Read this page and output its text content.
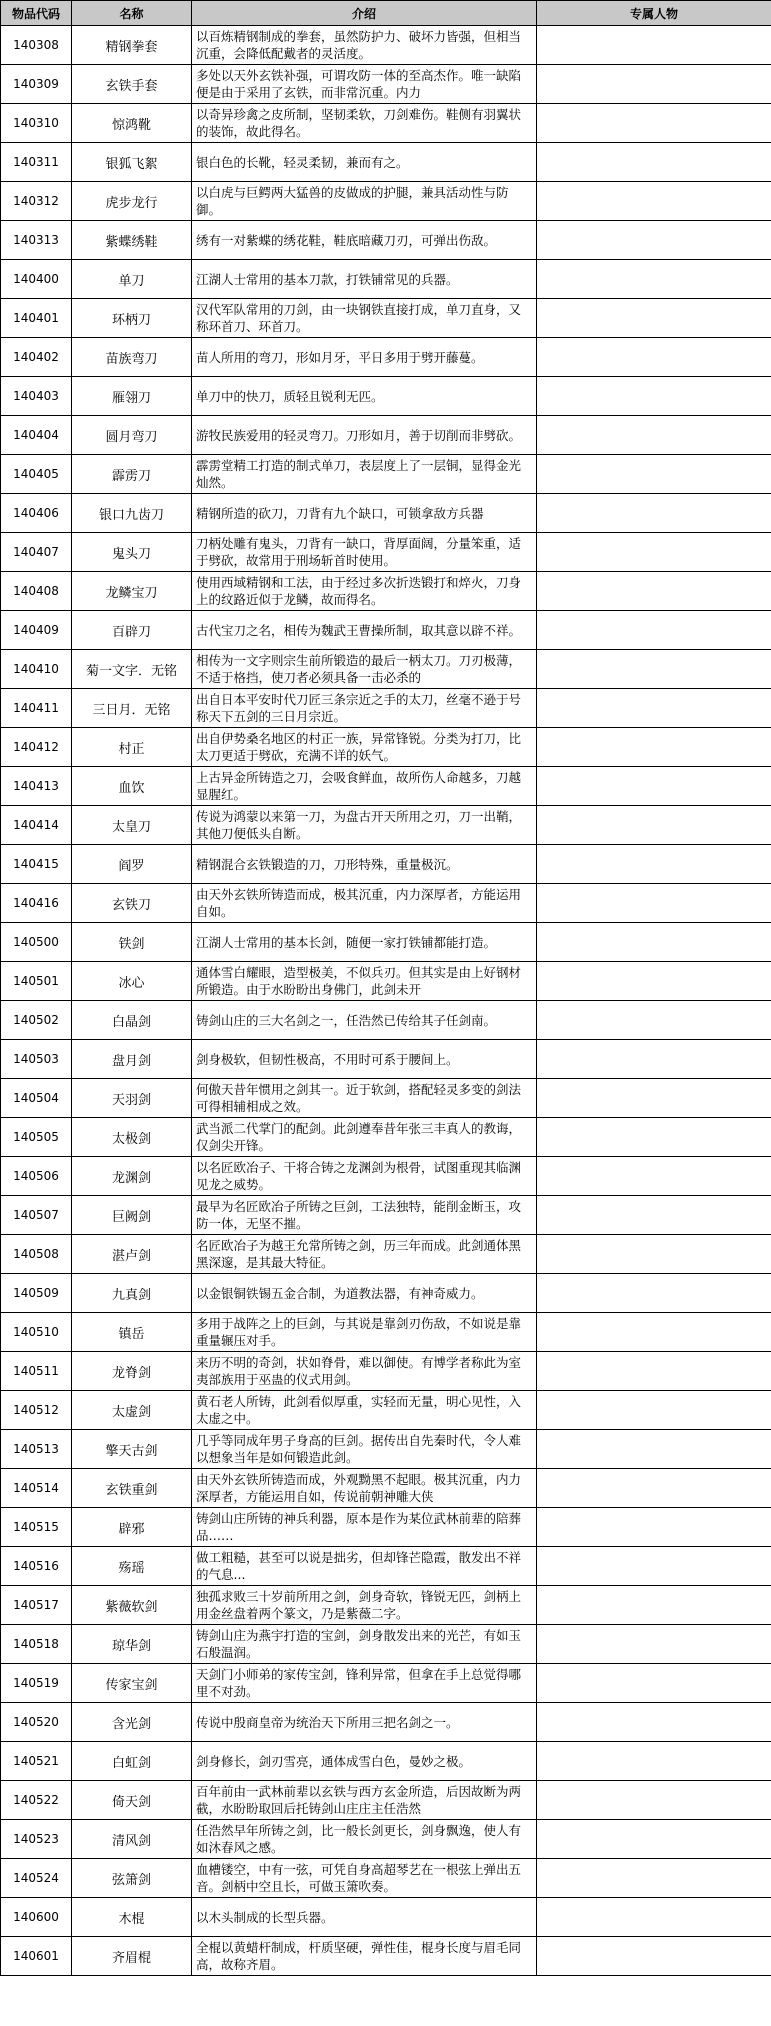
物品代码	名称	介绍	专属人物
140308	精钢拳套	以百炼精钢制成的拳套，虽然防护力、破坏力皆强，但相当沉重，会降低配戴者的灵活度。	

140309	玄铁手套	多处以天外玄铁补强，可谓攻防一体的至高杰作。唯一缺陷便是由于采用了玄铁，而非常沉重。内力	

140310	惊鸿靴	以奇异珍禽之皮所制，坚韧柔软，刀剑难伤。鞋侧有羽翼状的装饰，故此得名。	

140311	银狐飞絮	银白色的长靴，轻灵柔韧，兼而有之。	

140312	虎步龙行	以白虎与巨鳄两大猛兽的皮做成的护腿，兼具活动性与防御。	

140313	紫蝶绣鞋	绣有一对紫蝶的绣花鞋，鞋底暗藏刀刃，可弹出伤敌。	

140400	单刀	江湖人士常用的基本刀款，打铁铺常见的兵器。	

140401	环柄刀	汉代军队常用的刀剑，由一块钢铁直接打成，单刀直身，又称环首刀、环首刀。	

140402	苗族弯刀	苗人所用的弯刀，形如月牙，平日多用于劈开藤蔓。	

140403	雁翎刀	单刀中的快刀，质轻且锐利无匹。	

140404	圆月弯刀	游牧民族爱用的轻灵弯刀。刀形如月，善于切削而非劈砍。	

140405	霹雳刀	霹雳堂精工打造的制式单刀，表层度上了一层铜，显得金光灿然。	

140406	银口九齿刀	精钢所造的砍刀，刀背有九个缺口，可锁拿敌方兵器	

140407	鬼头刀	刀柄处雕有鬼头，刀背有一缺口，背厚面阔，分量笨重，适于劈砍，故常用于刑场斩首时使用。	

140408	龙鳞宝刀	使用西域精钢和工法，由于经过多次折迭锻打和焠火，刀身上的纹路近似于龙鳞，故而得名。	

140409	百辟刀	古代宝刀之名，相传为魏武王曹操所制，取其意以辟不祥。	

140410	菊一文字．无铭	相传为一文字则宗生前所锻造的最后一柄太刀。刀刃极薄，不适于格挡，使刀者必须具备一击必杀的	

140411	三日月．无铭	出自日本平安时代刀匠三条宗近之手的太刀，丝毫不逊于号称天下五剑的三日月宗近。	

140412	村正	出自伊势桑名地区的村正一族，异常锋锐。分类为打刀，比太刀更适于劈砍，充满不详的妖气。	

140413	血饮	上古异金所铸造之刀，会吸食鲜血，故所伤人命越多，刀越显腥红。	

140414	太皇刀	传说为鸿蒙以来第一刀，为盘古开天所用之刃，刀一出鞘，其他刀便低头自断。	

140415	阎罗	精钢混合玄铁锻造的刀，刀形特殊，重量极沉。	

140416	玄铁刀	由天外玄铁所铸造而成，极其沉重，内力深厚者，方能运用自如。	

140500	铁剑	江湖人士常用的基本长剑，随便一家打铁铺都能打造。	

140501	冰心	通体雪白耀眼，造型极美，不似兵刃。但其实是由上好钢材所锻造。由于水盼盼出身佛门，此剑未开	

140502	白晶剑	铸剑山庄的三大名剑之一，任浩然已传给其子任剑南。	

140503	盘月剑	剑身极软，但韧性极高，不用时可系于腰间上。	

140504	天羽剑	何傲天昔年惯用之剑其一。近于软剑，搭配轻灵多变的剑法可得相辅相成之效。	

140505	太极剑	武当派二代掌门的配剑。此剑遵奉昔年张三丰真人的教诲，仅剑尖开锋。	

140506	龙渊剑	以名匠欧冶子、干将合铸之龙渊剑为根骨，试图重现其临渊见龙之威势。	

140507	巨阙剑	最早为名匠欧冶子所铸之巨剑，工法独特，能削金断玉，攻防一体，无坚不摧。	

140508	湛卢剑	名匠欧冶子为越王允常所铸之剑，历三年而成。此剑通体黑黑深邃，是其最大特征。	

140509	九真剑	以金银铜铁锡五金合制，为道教法器，有神奇威力。	

140510	镇岳	多用于战阵之上的巨剑，与其说是靠剑刃伤敌，不如说是靠重量辗压对手。	

140511	龙脊剑	来历不明的奇剑，状如脊骨，难以御使。有博学者称此为室夷部族用于巫蛊的仪式用剑。	

140512	太虚剑	黄石老人所铸，此剑看似厚重，实轻而无量，明心见性，入太虚之中。	

140513	擎天古剑	几乎等同成年男子身高的巨剑。据传出自先秦时代，令人难以想象当年是如何锻造此剑。	

140514	玄铁重剑	由天外玄铁所铸造而成，外观黝黑不起眼。极其沉重，内力深厚者，方能运用自如，传说前朝神雕大侠	

140515	辟邪	铸剑山庄所铸的神兵利器，原本是作为某位武林前辈的陪葬品……	

140516	殇瑶	做工粗糙，甚至可以说是拙劣，但却锋芒隐霞，散发出不祥的气息...	

140517	紫薇软剑	独孤求败三十岁前所用之剑，剑身奇软，锋锐无匹，剑柄上用金丝盘着两个篆文，乃是紫薇二字。	

140518	琼华剑	铸剑山庄为燕宇打造的宝剑，剑身散发出来的光芒，有如玉石般温润。	

140519	传家宝剑	天剑门小师弟的家传宝剑，锋利异常，但拿在手上总觉得哪里不对劲。	

140520	含光剑	传说中殷商皇帝为统治天下所用三把名剑之一。	

140521	白虹剑	剑身修长，剑刃雪亮，通体成雪白色，曼妙之极。	

140522	倚天剑	百年前由一武林前辈以玄铁与西方玄金所造，后因故断为两截，水盼盼取回后托铸剑山庄庄主任浩然	

140523	清风剑	任浩然早年所铸之剑，比一般长剑更长，剑身飘逸，使人有如沐春风之感。	

140524	弦箫剑	血槽镂空，中有一弦，可凭自身高超琴艺在一根弦上弹出五音。剑柄中空且长，可做玉箫吹奏。	

140600	木棍	以木头制成的长型兵器。	

140601	齐眉棍	全棍以黄蜡杆制成，杆质坚硬，弹性佳，棍身长度与眉毛同高，故称齐眉。	
